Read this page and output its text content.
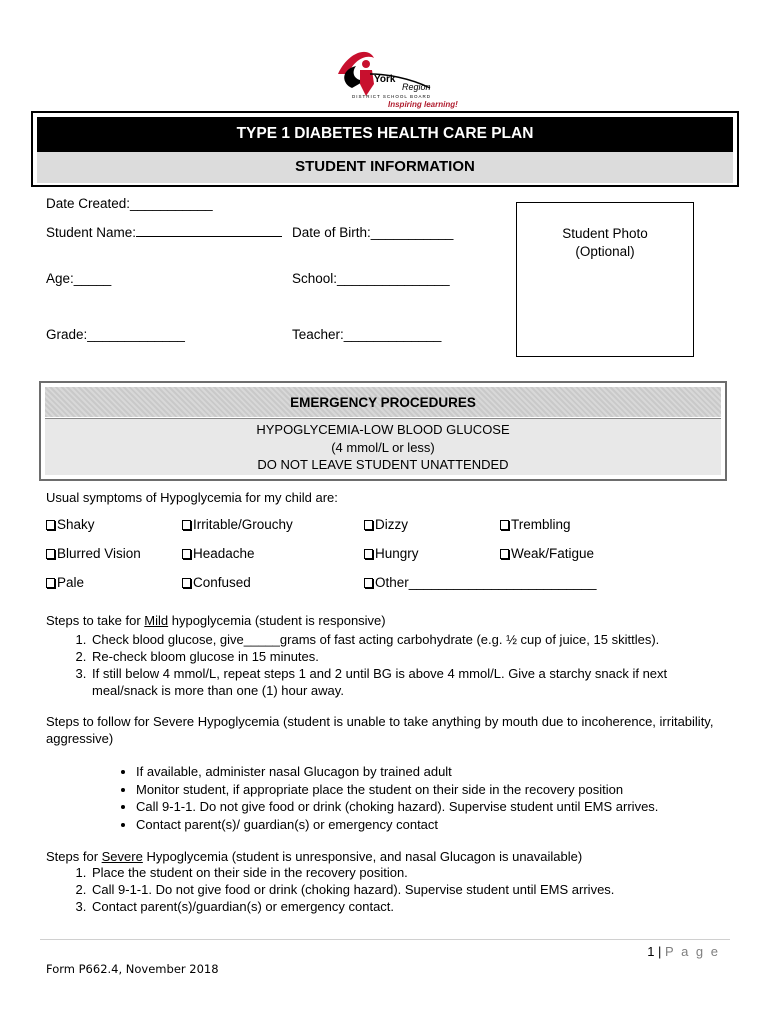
York
Region
DISTRICT SCHOOL BOARD
Inspiring learning!
TYPE 1 DIABETES HEALTH CARE PLAN
STUDENT INFORMATION
Date Created:___________
Student Name:	Date of Birth:___________
Age:_____	School:_______________
Grade:_____________	Teacher:_____________
Student Photo
(Optional)
EMERGENCY PROCEDURES
HYPOGLYCEMIA-LOW BLOOD GLUCOSE
(4 mmol/L or less)
DO NOT LEAVE STUDENT UNATTENDED
Usual symptoms of Hypoglycemia for my child are:
Shaky	Irritable/Grouchy	Dizzy	Trembling
Blurred Vision	Headache	Hungry	Weak/Fatigue
Pale	Confused	Other_________________________
Steps to take for Mild hypoglycemia (student is responsive)
1. Check blood glucose, give_____grams of fast acting carbohydrate (e.g. ½ cup of juice, 15 skittles).
2. Re-check bloom glucose in 15 minutes.
3. If still below 4 mmol/L, repeat steps 1 and 2 until BG is above 4 mmol/L. Give a starchy snack if next meal/snack is more than one (1) hour away.
Steps to follow for Severe Hypoglycemia (student is unable to take anything by mouth due to incoherence, irritability, aggressive)
• If available, administer nasal Glucagon by trained adult
• Monitor student, if appropriate place the student on their side in the recovery position
• Call 9-1-1. Do not give food or drink (choking hazard). Supervise student until EMS arrives.
• Contact parent(s)/ guardian(s) or emergency contact
Steps for Severe Hypoglycemia (student is unresponsive, and nasal Glucagon is unavailable)
1. Place the student on their side in the recovery position.
2. Call 9-1-1. Do not give food or drink (choking hazard). Supervise student until EMS arrives.
3. Contact parent(s)/guardian(s) or emergency contact.
1 | P a g e
Form P662.4, November 2018
